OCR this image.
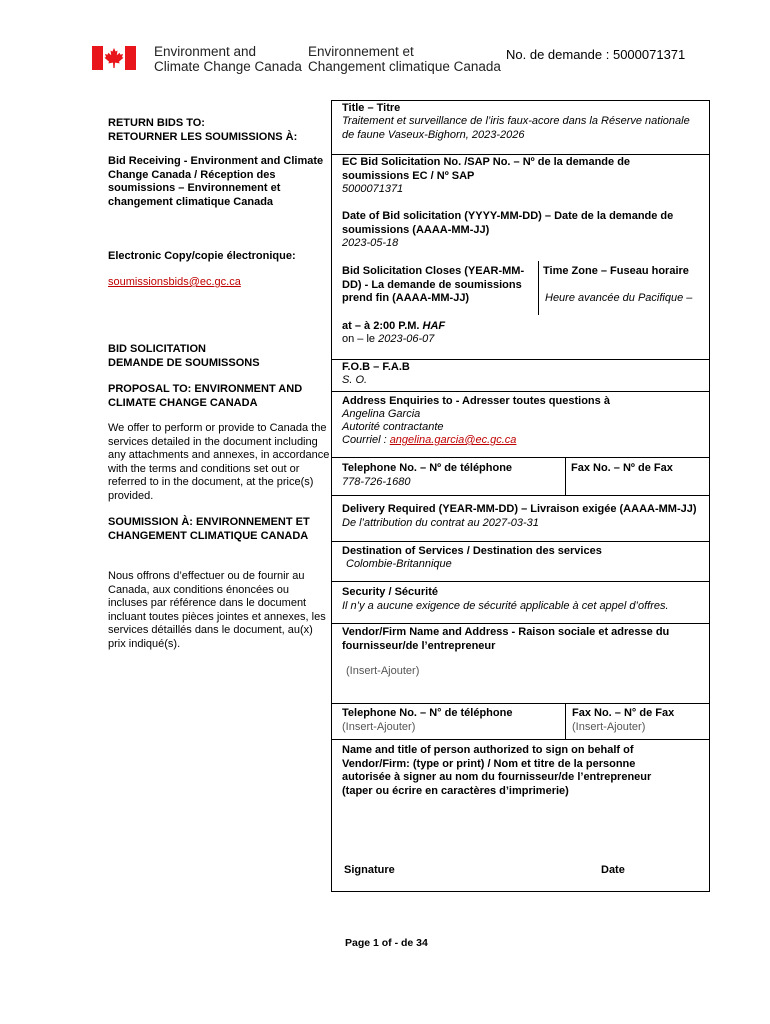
Environment and
Climate Change Canada
Environnement et
Changement climatique Canada
No. de demande : 5000071371
RETURN BIDS TO:
RETOURNER LES SOUMISSIONS À:
Bid Receiving - Environment and Climate Change Canada / Réception des soumissions – Environnement et changement climatique Canada
Electronic Copy/copie électronique:
soumissionsbids@ec.gc.ca
BID SOLICITATION
DEMANDE DE SOUMISSONS
PROPOSAL TO: ENVIRONMENT AND CLIMATE CHANGE CANADA
We offer to perform or provide to Canada the services detailed in the document including any attachments and annexes, in accordance with the terms and conditions set out or referred to in the document, at the price(s) provided.
SOUMISSION À: ENVIRONNEMENT ET CHANGEMENT CLIMATIQUE CANADA
Nous offrons d’effectuer ou de fournir au Canada, aux conditions énoncées ou incluses par référence dans le document incluant toutes pièces jointes et annexes, les services détaillés dans le document, au(x) prix indiqué(s).
Title – Titre
Traitement et surveillance de l’iris faux-acore dans la Réserve nationale de faune Vaseux-Bighorn, 2023-2026
EC Bid Solicitation No. /SAP No. – Nº de la demande de soumissions EC / Nº SAP
5000071371
Date of Bid solicitation (YYYY-MM-DD) – Date de la demande de soumissions (AAAA-MM-JJ)
2023-05-18
Bid Solicitation Closes (YEAR-MM-DD) - La demande de soumissions prend fin (AAAA-MM-JJ)
Time Zone – Fuseau horaire
Heure avancée du Pacifique –
at – à 2:00 P.M. HAF
on – le 2023-06-07
F.O.B – F.A.B
S. O.
Address Enquiries to - Adresser toutes questions à
Angelina Garcia
Autorité contractante
Courriel : angelina.garcia@ec.gc.ca
Telephone No. – Nº de téléphone
778-726-1680
Fax No. – Nº de Fax
Delivery Required (YEAR-MM-DD) – Livraison exigée (AAAA-MM-JJ)
De l’attribution du contrat au 2027-03-31
Destination of Services / Destination des services
Colombie-Britannique
Security / Sécurité
Il n’y a aucune exigence de sécurité applicable à cet appel d’offres.
Vendor/Firm Name and Address - Raison sociale et adresse du fournisseur/de l’entrepreneur
(Insert-Ajouter)
Telephone No. – N° de téléphone
(Insert-Ajouter)
Fax No. – N° de Fax
(Insert-Ajouter)
Name and title of person authorized to sign on behalf of Vendor/Firm: (type or print) / Nom et titre de la personne autorisée à signer au nom du fournisseur/de l’entrepreneur (taper ou écrire en caractères d’imprimerie)
Signature	Date
Page 1 of - de 34
